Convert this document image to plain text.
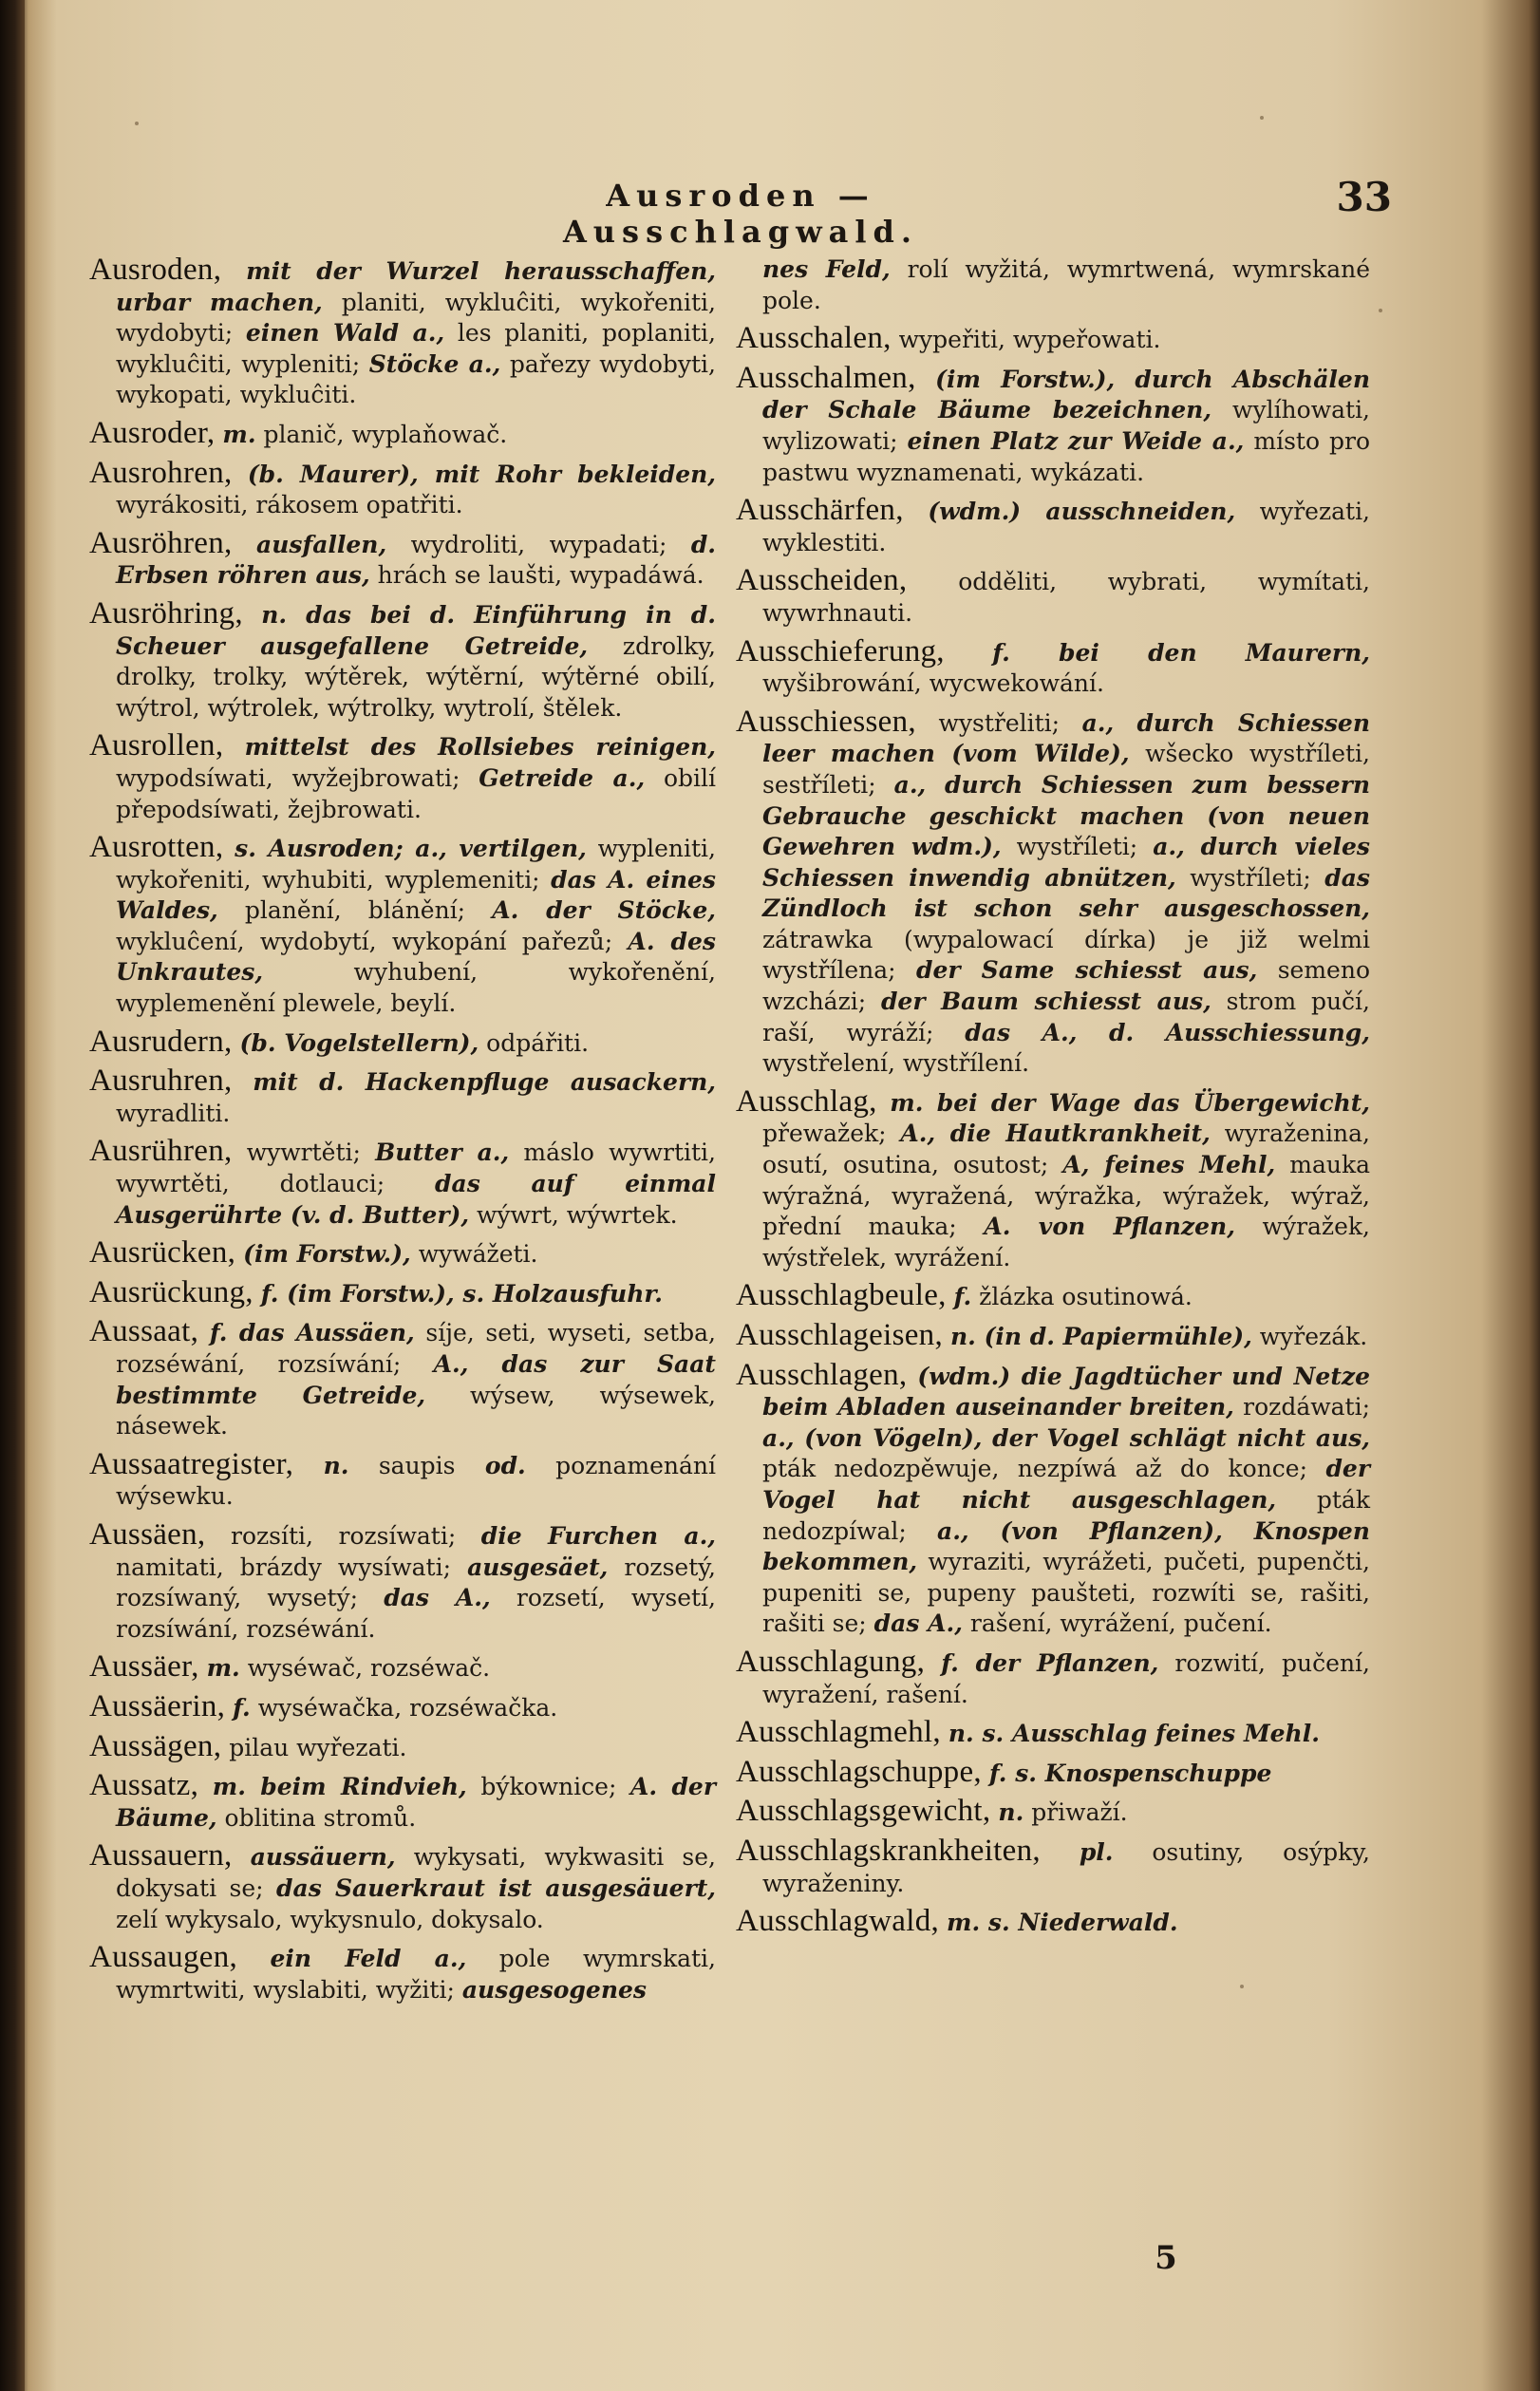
Ausroden — Ausschlagwald.
33
Ausroden, mit der Wurzel herausschaffen, urbar machen, planiti, wykluĉiti, wykořeniti, wydobyti; einen Wald a., les planiti, poplaniti, wykluĉiti, wypleniti; Stöcke a., pařezy wydobyti, wykopati, wykluĉiti.
Ausroder, m. planič, wyplaňowač.
Ausrohren, (b. Maurer), mit Rohr bekleiden, wyrákositi, rákosem opatřiti.
Ausröhren, ausfallen, wydroliti, wypadati; d. Erbsen röhren aus, hrách se laušti, wypadáwá.
Ausröhring, n. das bei d. Einführung in d. Scheuer ausgefallene Getreide, zdrolky, drolky, trolky, wýtěrek, wýtěrní, wýtěrné obilí, wýtrol, wýtrolek, wýtrolky, wytrolí, štělek.
Ausrollen, mittelst des Rollsiebes reinigen, wypodsíwati, wyžejbrowati; Getreide a., obilí přepodsíwati, žejbrowati.
Ausrotten, s. Ausroden; a., vertilgen, wypleniti, wykořeniti, wyhubiti, wyplemeniti; das A. eines Waldes, planění, blánění; A. der Stöcke, wykluĉení, wydobytí, wykopání pařezů; A. des Unkrautes, wyhubení, wykořenění, wyplemenění plewele, beylí.
Ausrudern, (b. Vogelstellern), odpářiti.
Ausruhren, mit d. Hackenpfluge ausackern, wyradliti.
Ausrühren, wywrtěti; Butter a., máslo wywrtiti, wywrtěti, dotlauci; das auf einmal Ausgerührte (v. d. Butter), wýwrt, wýwrtek.
Ausrücken, (im Forstw.), wywážeti.
Ausrückung, f. (im Forstw.), s. Holzausfuhr.
Aussaat, f. das Aussäen, síje, seti, wyseti, setba, rozséwání, rozsíwání; A., das zur Saat bestimmte Getreide, wýsew, wýsewek, násewek.
Aussaatregister, n. saupis od. poznamenání wýsewku.
Aussäen, rozsíti, rozsíwati; die Furchen a., namitati, brázdy wysíwati; ausgesäet, rozsetý, rozsíwaný, wysetý; das A., rozsetí, wysetí, rozsíwání, rozséwání.
Aussäer, m. wyséwač, rozséwač.
Aussäerin, f. wyséwačka, rozséwačka.
Aussägen, pilau wyřezati.
Aussatz, m. beim Rindvieh, býkownice; A. der Bäume, oblitina stromů.
Aussauern, aussäuern, wykysati, wykwasiti se, dokysati se; das Sauerkraut ist ausgesäuert, zelí wykysalo, wykysnulo, dokysalo.
Aussaugen, ein Feld a., pole wymrskati, wymrtwiti, wyslabiti, wyžiti; ausgesogenes
nes Feld, rolí wyžitá, wymrtwená, wymrskané pole.
Ausschalen, wypeřiti, wypeřowati.
Ausschalmen, (im Forstw.), durch Abschälen der Schale Bäume bezeichnen, wylíhowati, wylizowati; einen Platz zur Weide a., místo pro pastwu wyznamenati, wykázati.
Ausschärfen, (wdm.) ausschneiden, wyřezati, wyklestiti.
Ausscheiden, odděliti, wybrati, wymítati, wywrhnauti.
Ausschieferung, f. bei den Maurern, wyšibrowání, wycwekowání.
Ausschiessen, wystřeliti; a., durch Schiessen leer machen (vom Wilde), wšecko wystříleti, sestříleti; a., durch Schiessen zum bessern Gebrauche geschickt machen (von neuen Gewehren wdm.), wystříleti; a., durch vieles Schiessen inwendig abnützen, wystříleti; das Zündloch ist schon sehr ausgeschossen, zátrawka (wypalowací dírka) je již welmi wystřílena; der Same schiesst aus, semeno wzcházi; der Baum schiesst aus, strom pučí, raší, wyráží; das A., d. Ausschiessung, wystřelení, wystřílení.
Ausschlag, m. bei der Wage das Übergewicht, přewažek; A., die Hautkrankheit, wyraženina, osutí, osutina, osutost; A, feines Mehl, mauka wýražná, wyražená, wýražka, wýražek, wýraž, přední mauka; A. von Pflanzen, wýražek, wýstřelek, wyrážení.
Ausschlagbeule, f. žlázka osutinowá.
Ausschlageisen, n. (in d. Papiermühle), wyřezák.
Ausschlagen, (wdm.) die Jagdtücher und Netze beim Abladen auseinander breiten, rozdáwati; a., (von Vögeln), der Vogel schlägt nicht aus, pták nedozpěwuje, nezpíwá až do konce; der Vogel hat nicht ausgeschlagen, pták nedozpíwal; a., (von Pflanzen), Knospen bekommen, wyraziti, wyrážeti, pučeti, pupenčti, pupeniti se, pupeny paušteti, rozwíti se, rašiti, rašiti se; das A., rašení, wyrážení, pučení.
Ausschlagung, f. der Pflanzen, rozwití, pučení, wyražení, rašení.
Ausschlagmehl, n. s. Ausschlag feines Mehl.
Ausschlagschuppe, f. s. Knospenschuppe
Ausschlagsgewicht, n. přiwaží.
Ausschlagskrankheiten, pl. osutiny, osýpky, wyraženiny.
Ausschlagwald, m. s. Niederwald.
5
